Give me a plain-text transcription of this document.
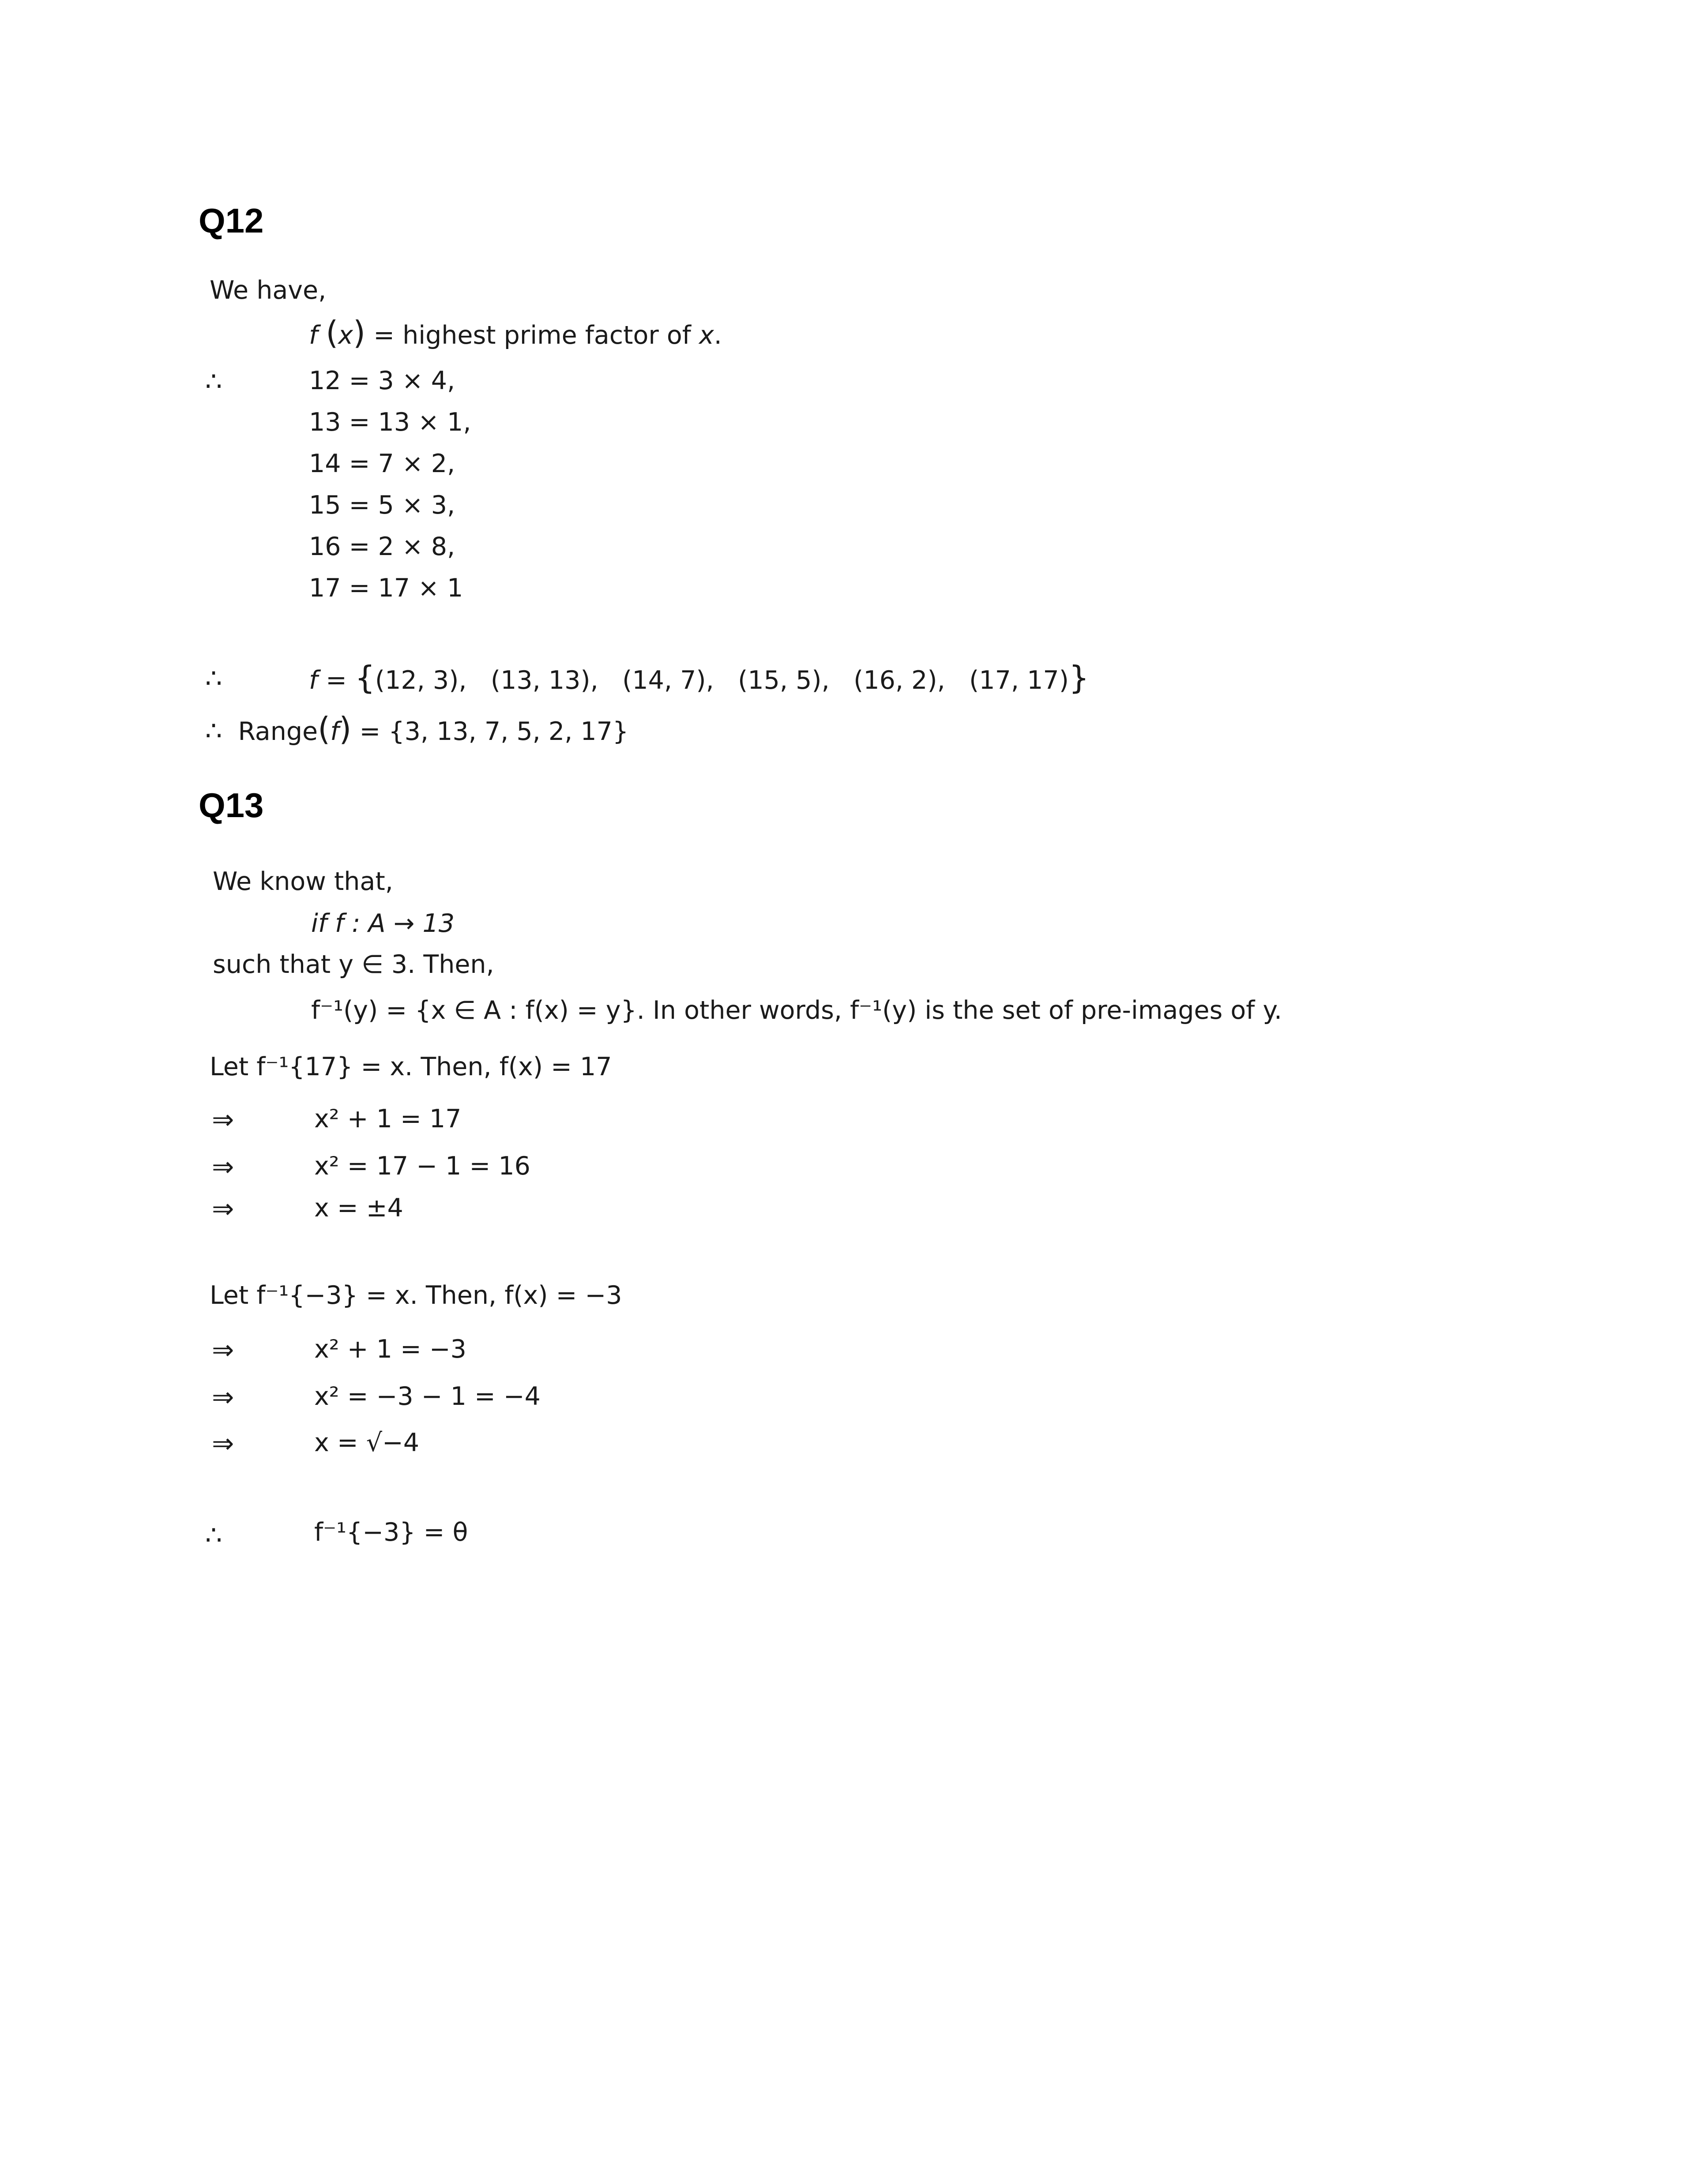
Q12
We have,
f (x) = highest prime factor of x.
∴	12 = 3 × 4,
13 = 13 × 1,
14 = 7 × 2,
15 = 5 × 3,
16 = 2 × 8,
17 = 17 × 1
∴	f = {(12, 3), (13, 13), (14, 7), (15, 5), (16, 2), (17, 17)}
∴ Range(f) = {3, 13, 7, 5, 2, 17}
Q13
We know that,
if f : A → 13
such that y ∈ 3. Then,
f⁻¹(y) = {x ∈ A : f(x) = y}. In other words, f⁻¹(y) is the set of pre-images of y.
Let f⁻¹{17} = x. Then, f(x) = 17
⇒	x² + 1 = 17
⇒	x² = 17 − 1 = 16
⇒	x = ±4
Let f⁻¹{−3} = x. Then, f(x) = −3
⇒	x² + 1 = −3
⇒	x² = −3 − 1 = −4
⇒	x = √−4
∴	f⁻¹{−3} = θ
